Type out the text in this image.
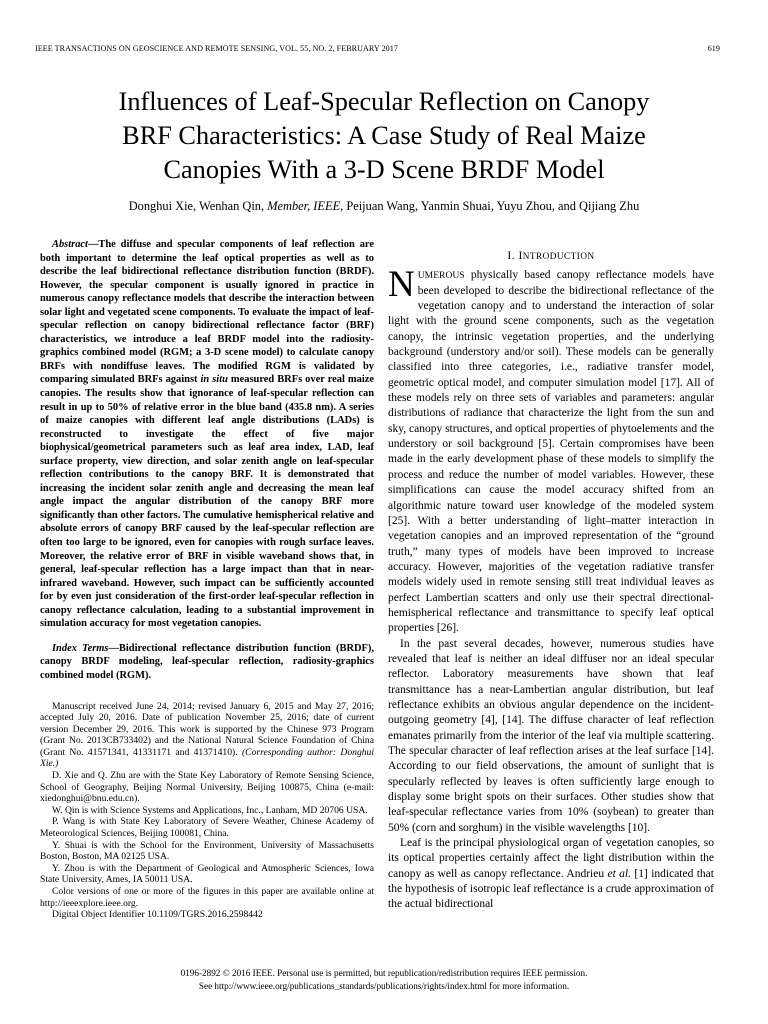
IEEE TRANSACTIONS ON GEOSCIENCE AND REMOTE SENSING, VOL. 55, NO. 2, FEBRUARY 2017	619
Influences of Leaf-Specular Reflection on Canopy
BRF Characteristics: A Case Study of Real Maize
Canopies With a 3-D Scene BRDF Model
Donghui Xie, Wenhan Qin, Member, IEEE, Peijuan Wang, Yanmin Shuai, Yuyu Zhou, and Qijiang Zhu
Abstract—The diffuse and specular components of leaf reflection are both important to determine the leaf optical properties as well as to describe the leaf bidirectional reflectance distribution function (BRDF). However, the specular component is usually ignored in practice in numerous canopy reflectance models that describe the interaction between solar light and vegetated scene components. To evaluate the impact of leaf-specular reflection on canopy bidirectional reflectance factor (BRF) characteristics, we introduce a leaf BRDF model into the radiosity-graphics combined model (RGM; a 3-D scene model) to calculate canopy BRFs with nondiffuse leaves. The modified RGM is validated by comparing simulated BRFs against in situ measured BRFs over real maize canopies. The results show that ignorance of leaf-specular reflection can result in up to 50% of relative error in the blue band (435.8 nm). A series of maize canopies with different leaf angle distributions (LADs) is reconstructed to investigate the effect of five major biophysical/geometrical parameters such as leaf area index, LAD, leaf surface property, view direction, and solar zenith angle on leaf-specular reflection contributions to the canopy BRF. It is demonstrated that increasing the incident solar zenith angle and decreasing the mean leaf angle impact the angular distribution of the canopy BRF more significantly than other factors. The cumulative hemispherical relative and absolute errors of canopy BRF caused by the leaf-specular reflection are often too large to be ignored, even for canopies with rough surface leaves. Moreover, the relative error of BRF in visible waveband shows that, in general, leaf-specular reflection has a large impact than that in near-infrared waveband. However, such impact can be sufficiently accounted for by even just consideration of the first-order leaf-specular reflection in canopy reflectance calculation, leading to a substantial improvement in simulation accuracy for most vegetation canopies.
Index Terms—Bidirectional reflectance distribution function (BRDF), canopy BRDF modeling, leaf-specular reflection, radiosity-graphics combined model (RGM).

Manuscript received June 24, 2014; revised January 6, 2015 and May 27, 2016; accepted July 20, 2016. Date of publication November 25, 2016; date of current version December 29, 2016. This work is supported by the Chinese 973 Program (Grant No. 2013CB733402) and the National Natural Science Foundation of China (Grant No. 41571341, 41331171 and 41371410). (Corresponding author: Donghui Xie.)

D. Xie and Q. Zhu are with the State Key Laboratory of Remote Sensing Science, School of Geography, Beijing Normal University, Beijing 100875, China (e-mail: xiedonghui@bnu.edu.cn).

W. Qin is with Science Systems and Applications, Inc., Lanham, MD 20706 USA.

P. Wang is with State Key Laboratory of Severe Weather, Chinese Academy of Meteorological Sciences, Beijing 100081, China.

Y. Shuai is with the School for the Environment, University of Massachusetts Boston, Boston, MA 02125 USA.

Y. Zhou is with the Department of Geological and Atmospheric Sciences, Iowa State University, Ames, IA 50011 USA.

Color versions of one or more of the figures in this paper are available online at http://ieeexplore.ieee.org.

Digital Object Identifier 10.1109/TGRS.2016.2598442

I. INTRODUCTION

NUMEROUS physically based canopy reflectance models have been developed to describe the bidirectional reflectance of the vegetation canopy and to understand the interaction of solar light with the ground scene components, such as the vegetation canopy, the intrinsic vegetation properties, and the underlying background (understory and/or soil). These models can be generally classified into three categories, i.e., radiative transfer model, geometric optical model, and computer simulation model [17]. All of these models rely on three sets of variables and parameters: angular distributions of radiance that characterize the light from the sun and sky, canopy structures, and optical properties of phytoelements and the understory or soil background [5]. Certain compromises have been made in the early development phase of these models to simplify the process and reduce the number of model variables. However, these simplifications can cause the model accuracy shifted from an algorithmic nature toward user knowledge of the modeled system [25]. With a better understanding of light–matter interaction in vegetation canopies and an improved representation of the “ground truth,” many types of models have been improved to increase accuracy. However, majorities of the vegetation radiative transfer models widely used in remote sensing still treat individual leaves as perfect Lambertian scatters and only use their spectral directional-hemispherical reflectance and transmittance to specify leaf optical properties [26].

In the past several decades, however, numerous studies have revealed that leaf is neither an ideal diffuser nor an ideal specular reflector. Laboratory measurements have shown that leaf transmittance has a near-Lambertian angular distribution, but leaf reflectance exhibits an obvious angular dependence on the incident-outgoing geometry [4], [14]. The diffuse character of leaf reflection emanates primarily from the interior of the leaf via multiple scattering. The specular character of leaf reflection arises at the leaf surface [14]. According to our field observations, the amount of sunlight that is specularly reflected by leaves is often sufficiently large enough to display some bright spots on their surfaces. Other studies show that leaf-specular reflectance varies from 10% (soybean) to greater than 50% (corn and sorghum) in the visible wavelengths [10].

Leaf is the principal physiological organ of vegetation canopies, so its optical properties certainly affect the light distribution within the canopy as well as canopy reflectance. Andrieu et al. [1] indicated that the hypothesis of isotropic leaf reflectance is a crude approximation of the actual bidirectional

0196-2892 © 2016 IEEE. Personal use is permitted, but republication/redistribution requires IEEE permission.
See http://www.ieee.org/publications_standards/publications/rights/index.html for more information.
